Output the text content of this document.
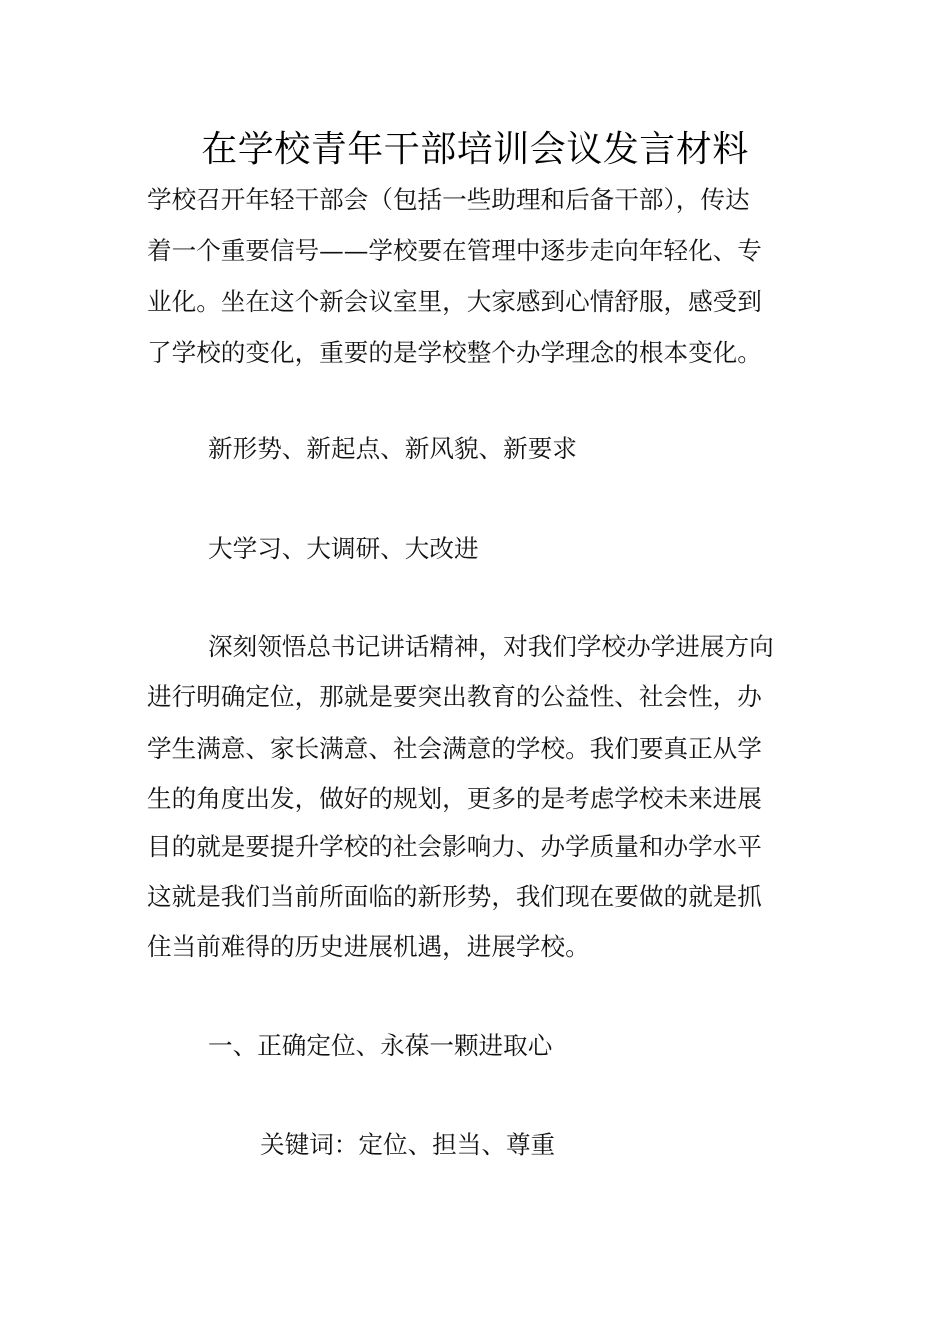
在学校青年干部培训会议发言材料
学校召开年轻干部会（包括一些助理和后备干部），传达
着一个重要信号——学校要在管理中逐步走向年轻化、专
业化。坐在这个新会议室里，大家感到心情舒服，感受到
了学校的变化，重要的是学校整个办学理念的根本变化。
新形势、新起点、新风貌、新要求
大学习、大调研、大改进
深刻领悟总书记讲话精神，对我们学校办学进展方向
进行明确定位，那就是要突出教育的公益性、社会性，办
学生满意、家长满意、社会满意的学校。我们要真正从学
生的角度出发，做好的规划，更多的是考虑学校未来进展
目的就是要提升学校的社会影响力、办学质量和办学水平
这就是我们当前所面临的新形势，我们现在要做的就是抓
住当前难得的历史进展机遇，进展学校。
一、正确定位、永葆一颗进取心
关键词：定位、担当、尊重
